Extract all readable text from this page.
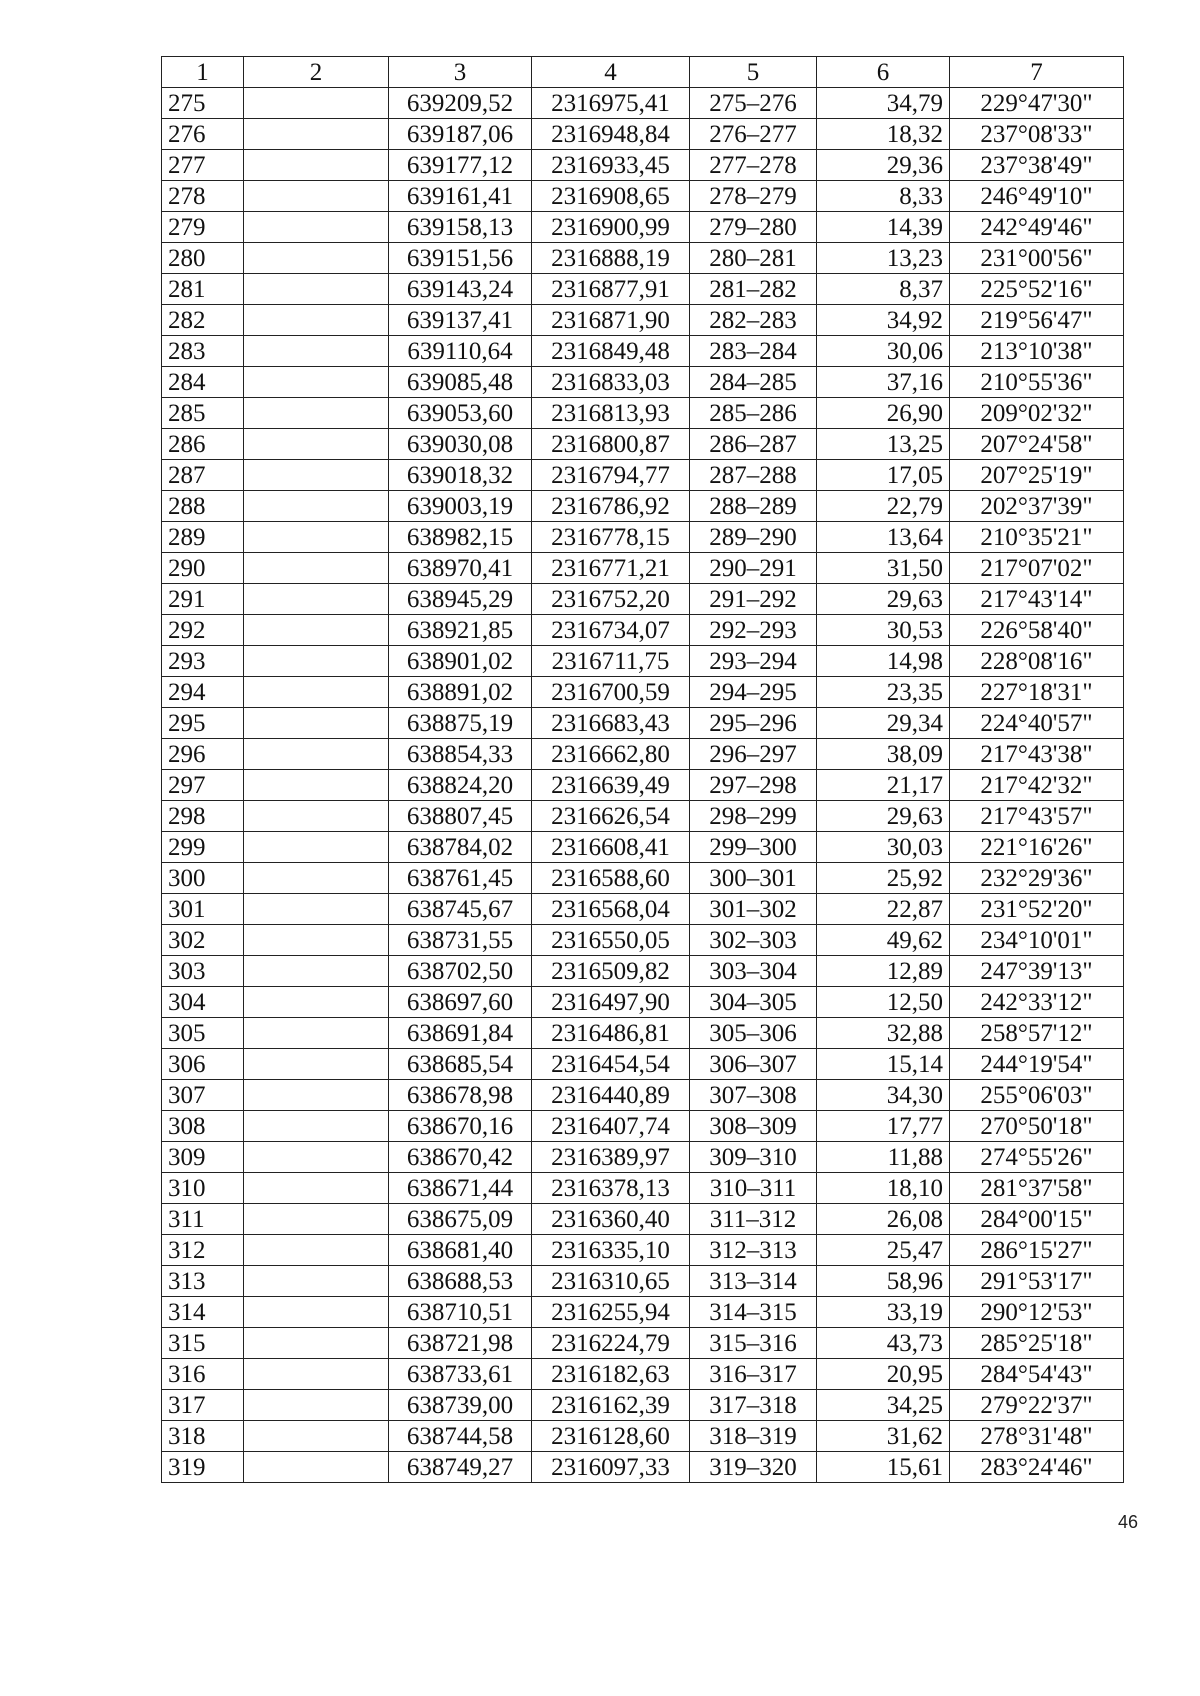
1	2	3	4	5	6	7
275		639209,52	2316975,41	275–276	34,79	229°47'30"
276		639187,06	2316948,84	276–277	18,32	237°08'33"
277		639177,12	2316933,45	277–278	29,36	237°38'49"
278		639161,41	2316908,65	278–279	8,33	246°49'10"
279		639158,13	2316900,99	279–280	14,39	242°49'46"
280		639151,56	2316888,19	280–281	13,23	231°00'56"
281		639143,24	2316877,91	281–282	8,37	225°52'16"
282		639137,41	2316871,90	282–283	34,92	219°56'47"
283		639110,64	2316849,48	283–284	30,06	213°10'38"
284		639085,48	2316833,03	284–285	37,16	210°55'36"
285		639053,60	2316813,93	285–286	26,90	209°02'32"
286		639030,08	2316800,87	286–287	13,25	207°24'58"
287		639018,32	2316794,77	287–288	17,05	207°25'19"
288		639003,19	2316786,92	288–289	22,79	202°37'39"
289		638982,15	2316778,15	289–290	13,64	210°35'21"
290		638970,41	2316771,21	290–291	31,50	217°07'02"
291		638945,29	2316752,20	291–292	29,63	217°43'14"
292		638921,85	2316734,07	292–293	30,53	226°58'40"
293		638901,02	2316711,75	293–294	14,98	228°08'16"
294		638891,02	2316700,59	294–295	23,35	227°18'31"
295		638875,19	2316683,43	295–296	29,34	224°40'57"
296		638854,33	2316662,80	296–297	38,09	217°43'38"
297		638824,20	2316639,49	297–298	21,17	217°42'32"
298		638807,45	2316626,54	298–299	29,63	217°43'57"
299		638784,02	2316608,41	299–300	30,03	221°16'26"
300		638761,45	2316588,60	300–301	25,92	232°29'36"
301		638745,67	2316568,04	301–302	22,87	231°52'20"
302		638731,55	2316550,05	302–303	49,62	234°10'01"
303		638702,50	2316509,82	303–304	12,89	247°39'13"
304		638697,60	2316497,90	304–305	12,50	242°33'12"
305		638691,84	2316486,81	305–306	32,88	258°57'12"
306		638685,54	2316454,54	306–307	15,14	244°19'54"
307		638678,98	2316440,89	307–308	34,30	255°06'03"
308		638670,16	2316407,74	308–309	17,77	270°50'18"
309		638670,42	2316389,97	309–310	11,88	274°55'26"
310		638671,44	2316378,13	310–311	18,10	281°37'58"
311		638675,09	2316360,40	311–312	26,08	284°00'15"
312		638681,40	2316335,10	312–313	25,47	286°15'27"
313		638688,53	2316310,65	313–314	58,96	291°53'17"
314		638710,51	2316255,94	314–315	33,19	290°12'53"
315		638721,98	2316224,79	315–316	43,73	285°25'18"
316		638733,61	2316182,63	316–317	20,95	284°54'43"
317		638739,00	2316162,39	317–318	34,25	279°22'37"
318		638744,58	2316128,60	318–319	31,62	278°31'48"
319		638749,27	2316097,33	319–320	15,61	283°24'46"
46
